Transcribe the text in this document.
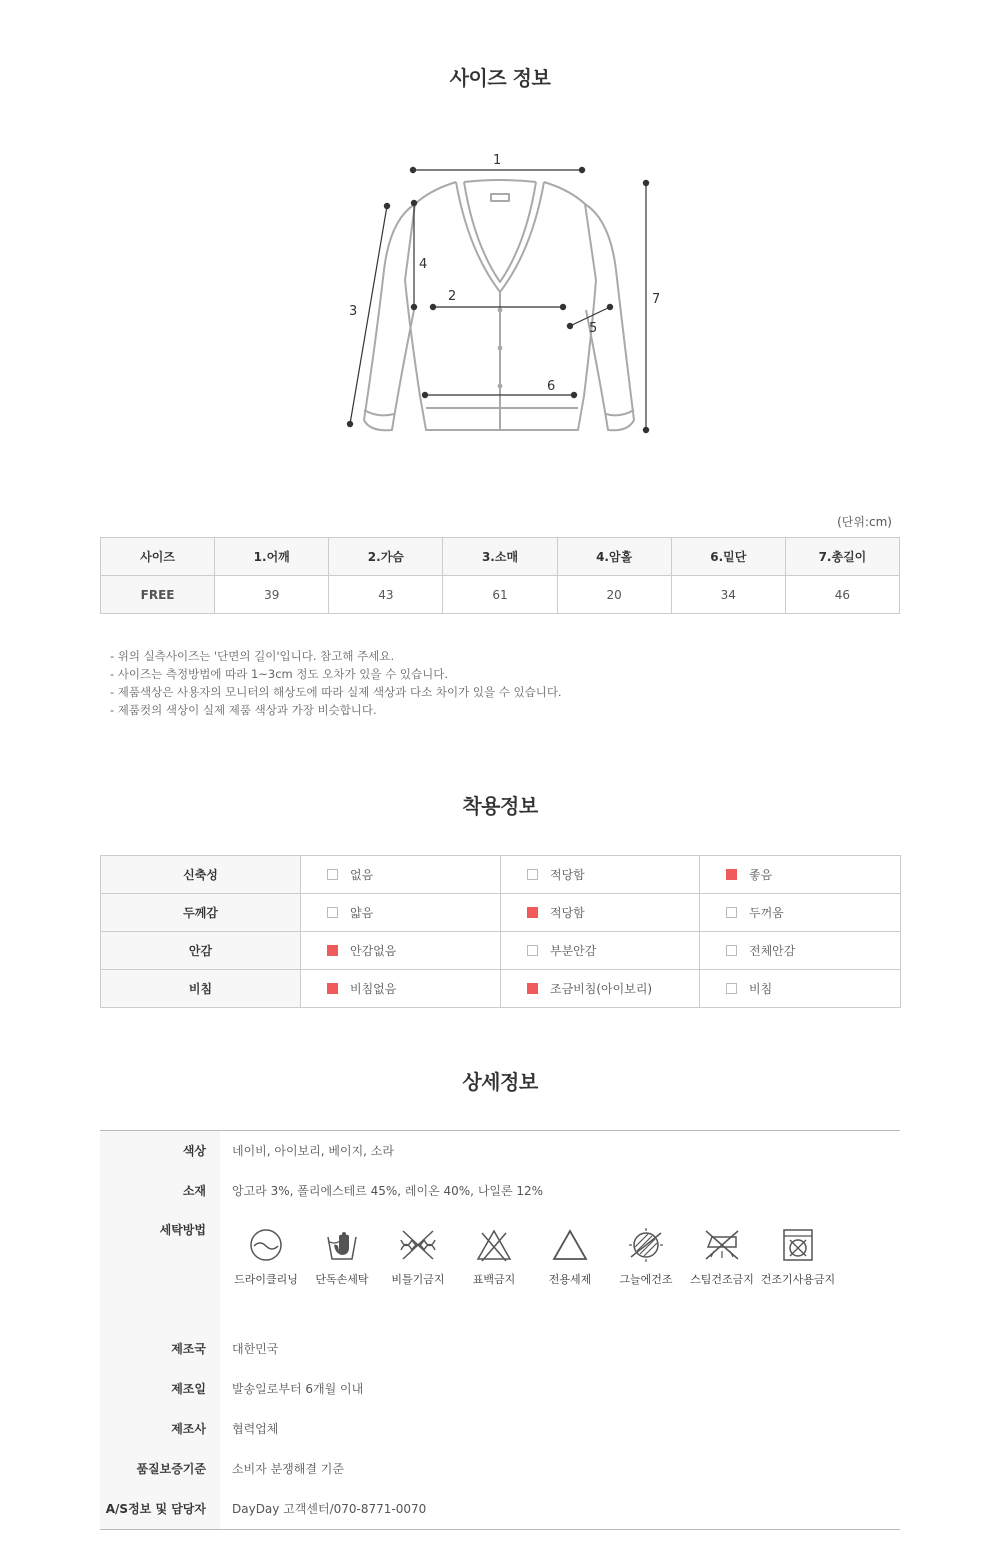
사이즈 정보
1
2
3
4
5
6
7
(단위:cm)
사이즈	1.어깨	2.가슴	3.소매	4.암홀	6.밑단	7.총길이
FREE	39	43	61	20	34	46
- 위의 실측사이즈는 '단면의 길이'입니다. 참고해 주세요.
- 사이즈는 측정방법에 따라 1~3cm 정도 오차가 있을 수 있습니다.
- 제품색상은 사용자의 모니터의 해상도에 따라 실제 색상과 다소 차이가 있을 수 있습니다.
- 제품컷의 색상이 실제 제품 색상과 가장 비슷합니다.
착용정보
신축성	없음	적당함	좋음
두께감	얇음	적당함	두꺼움
안감	안감없음	부분안감	전체안감
비침	비침없음	조금비침(아이보리)	비침
상세정보
색상	네이비, 아이보리, 베이지, 소라
소재	앙고라 3%, 폴리에스테르 45%, 레이온 40%, 나일론 12%
세탁방법
드라이클리닝	단독손세탁	비틀기금지	표백금지	전용세제	그늘에건조	스팀건조금지 건조기사용금지
제조국	대한민국
제조일	발송일로부터 6개월 이내
제조사	협력업체
품질보증기준	소비자 분쟁해결 기준
A/S정보 및 담당자	DayDay 고객센터/070-8771-0070
